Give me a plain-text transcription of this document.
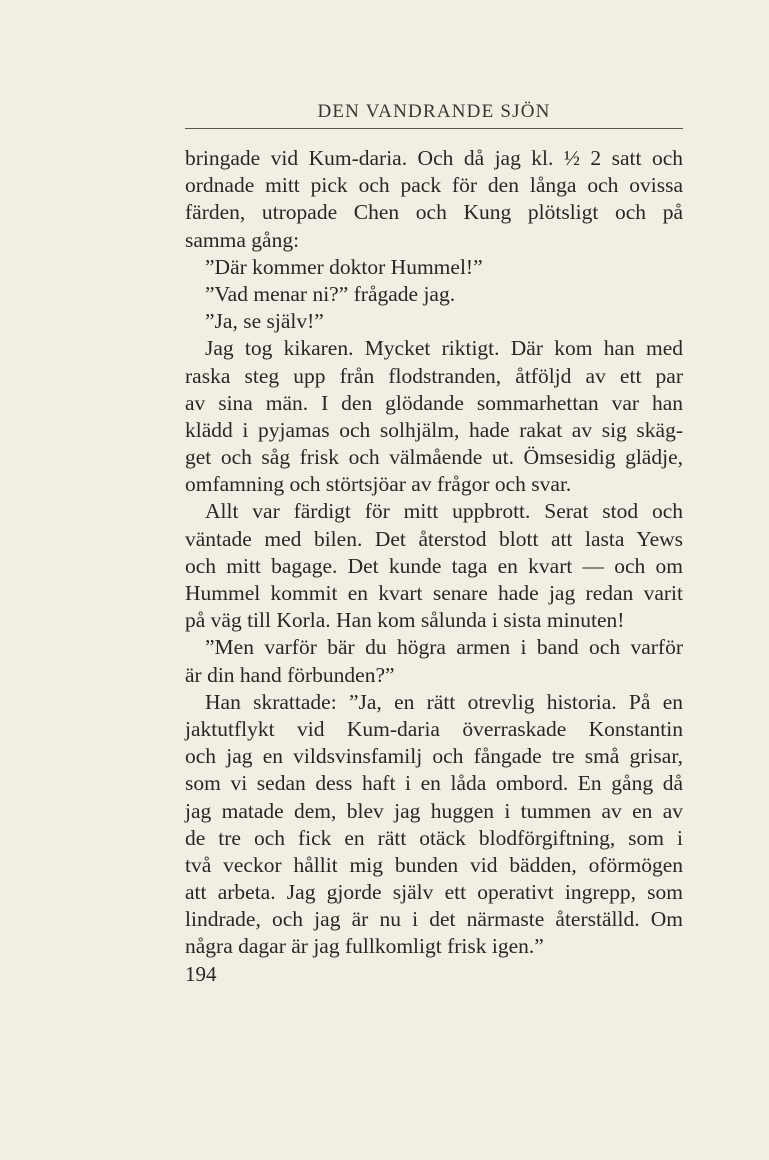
DEN VANDRANDE SJÖN
bringade vid Kum-daria. Och då jag kl. ½ 2 satt och
ordnade mitt pick och pack för den långa och ovissa
färden, utropade Chen och Kung plötsligt och på
samma gång:
”Där kommer doktor Hummel!”
”Vad menar ni?” frågade jag.
”Ja, se själv!”
Jag tog kikaren. Mycket riktigt. Där kom han med
raska steg upp från flodstranden, åtföljd av ett par
av sina män. I den glödande sommarhettan var han
klädd i pyjamas och solhjälm, hade rakat av sig skäg-
get och såg frisk och välmående ut. Ömsesidig glädje,
omfamning och störtsjöar av frågor och svar.
Allt var färdigt för mitt uppbrott. Serat stod och
väntade med bilen. Det återstod blott att lasta Yews
och mitt bagage. Det kunde taga en kvart — och om
Hummel kommit en kvart senare hade jag redan varit
på väg till Korla. Han kom sålunda i sista minuten!
”Men varför bär du högra armen i band och varför
är din hand förbunden?”
Han skrattade: ”Ja, en rätt otrevlig historia. På en
jaktutflykt vid Kum-daria överraskade Konstantin
och jag en vildsvinsfamilj och fångade tre små grisar,
som vi sedan dess haft i en låda ombord. En gång då
jag matade dem, blev jag huggen i tummen av en av
de tre och fick en rätt otäck blodförgiftning, som i
två veckor hållit mig bunden vid bädden, oförmögen
att arbeta. Jag gjorde själv ett operativt ingrepp, som
lindrade, och jag är nu i det närmaste återställd. Om
några dagar är jag fullkomligt frisk igen.”
194
